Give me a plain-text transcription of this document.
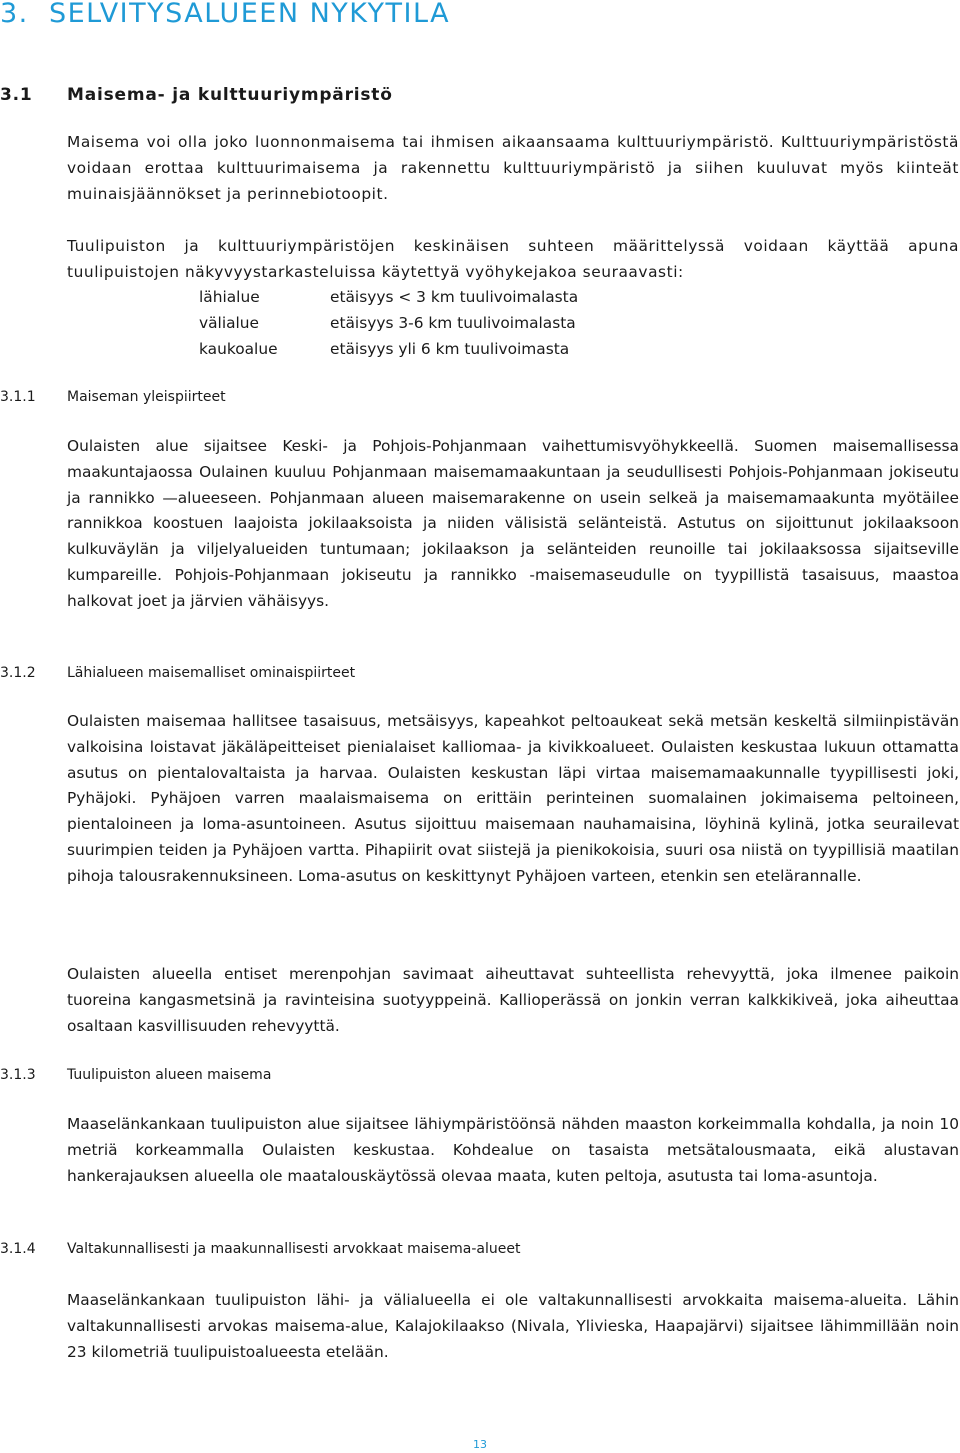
3. SELVITYSALUEEN NYKYTILA
3.1 Maisema- ja kulttuuriympäristö

Maisema voi olla joko luonnonmaisema tai ihmisen aikaansaama kulttuuriympäristö. Kulttuuriympäristöstä voidaan erottaa kulttuurimaisema ja rakennettu kulttuuriympäristö ja siihen kuuluvat myös kiinteät muinaisjäännökset ja perinnebiotoopit.

Tuulipuiston ja kulttuuriympäristöjen keskinäisen suhteen määrittelyssä voidaan käyttää apuna tuulipuistojen näkyvyystarkasteluissa käytettyä vyöhykejakoa seuraavasti:

lähialue	etäisyys < 3 km tuulivoimalasta
välialue	etäisyys 3-6 km tuulivoimalasta
kaukoalue	etäisyys yli 6 km tuulivoimasta
3.1.1 Maiseman yleispiirteet

Oulaisten alue sijaitsee Keski- ja Pohjois-Pohjanmaan vaihettumisvyöhykkeellä. Suomen maisemallisessa maakuntajaossa Oulainen kuuluu Pohjanmaan maisemamaakuntaan ja seudullisesti Pohjois-Pohjanmaan jokiseutu ja rannikko —alueeseen. Pohjanmaan alueen maisemarakenne on usein selkeä ja maisemamaakunta myötäilee rannikkoa koostuen laajoista jokilaaksoista ja niiden välisistä selänteistä. Astutus on sijoittunut jokilaaksoon kulkuväylän ja viljelyalueiden tuntumaan; jokilaakson ja selänteiden reunoille tai jokilaaksossa sijaitseville kumpareille. Pohjois-Pohjanmaan jokiseutu ja rannikko -maisemaseudulle on tyypillistä tasaisuus, maastoa halkovat joet ja järvien vähäisyys.

3.1.2 Lähialueen maisemalliset ominaispiirteet

Oulaisten maisemaa hallitsee tasaisuus, metsäisyys, kapeahkot peltoaukeat sekä metsän keskeltä silmiinpistävän valkoisina loistavat jäkäläpeitteiset pienialaiset kalliomaa- ja kivikkoalueet. Oulaisten keskustaa lukuun ottamatta asutus on pientalovaltaista ja harvaa. Oulaisten keskustan läpi virtaa maisemamaakunnalle tyypillisesti joki, Pyhäjoki. Pyhäjoen varren maalaismaisema on erittäin perinteinen suomalainen jokimaisema peltoineen, pientaloineen ja loma-asuntoineen. Asutus sijoittuu maisemaan nauhamaisina, löyhinä kylinä, jotka seurailevat suurimpien teiden ja Pyhäjoen vartta. Pihapiirit ovat siistejä ja pienikokoisia, suuri osa niistä on tyypillisiä maatilan pihoja talousrakennuksineen. Loma-asutus on keskittynyt Pyhäjoen varteen, etenkin sen etelärannalle.

Oulaisten alueella entiset merenpohjan savimaat aiheuttavat suhteellista rehevyyttä, joka ilmenee paikoin tuoreina kangasmetsinä ja ravinteisina suotyyppeinä. Kallioperässä on jonkin verran kalkkikiveä, joka aiheuttaa osaltaan kasvillisuuden rehevyyttä.

3.1.3 Tuulipuiston alueen maisema

Maaselänkankaan tuulipuiston alue sijaitsee lähiympäristöönsä nähden maaston korkeimmalla kohdalla, ja noin 10 metriä korkeammalla Oulaisten keskustaa. Kohdealue on tasaista metsätalousmaata, eikä alustavan hankerajauksen alueella ole maatalouskäytössä olevaa maata, kuten peltoja, asutusta tai loma-asuntoja.

3.1.4 Valtakunnallisesti ja maakunnallisesti arvokkaat maisema-alueet

Maaselänkankaan tuulipuiston lähi- ja välialueella ei ole valtakunnallisesti arvokkaita maisema-alueita. Lähin valtakunnallisesti arvokas maisema-alue, Kalajokilaakso (Nivala, Ylivieska, Haapajärvi) sijaitsee lähimmillään noin 23 kilometriä tuulipuistoalueesta etelään.

13
